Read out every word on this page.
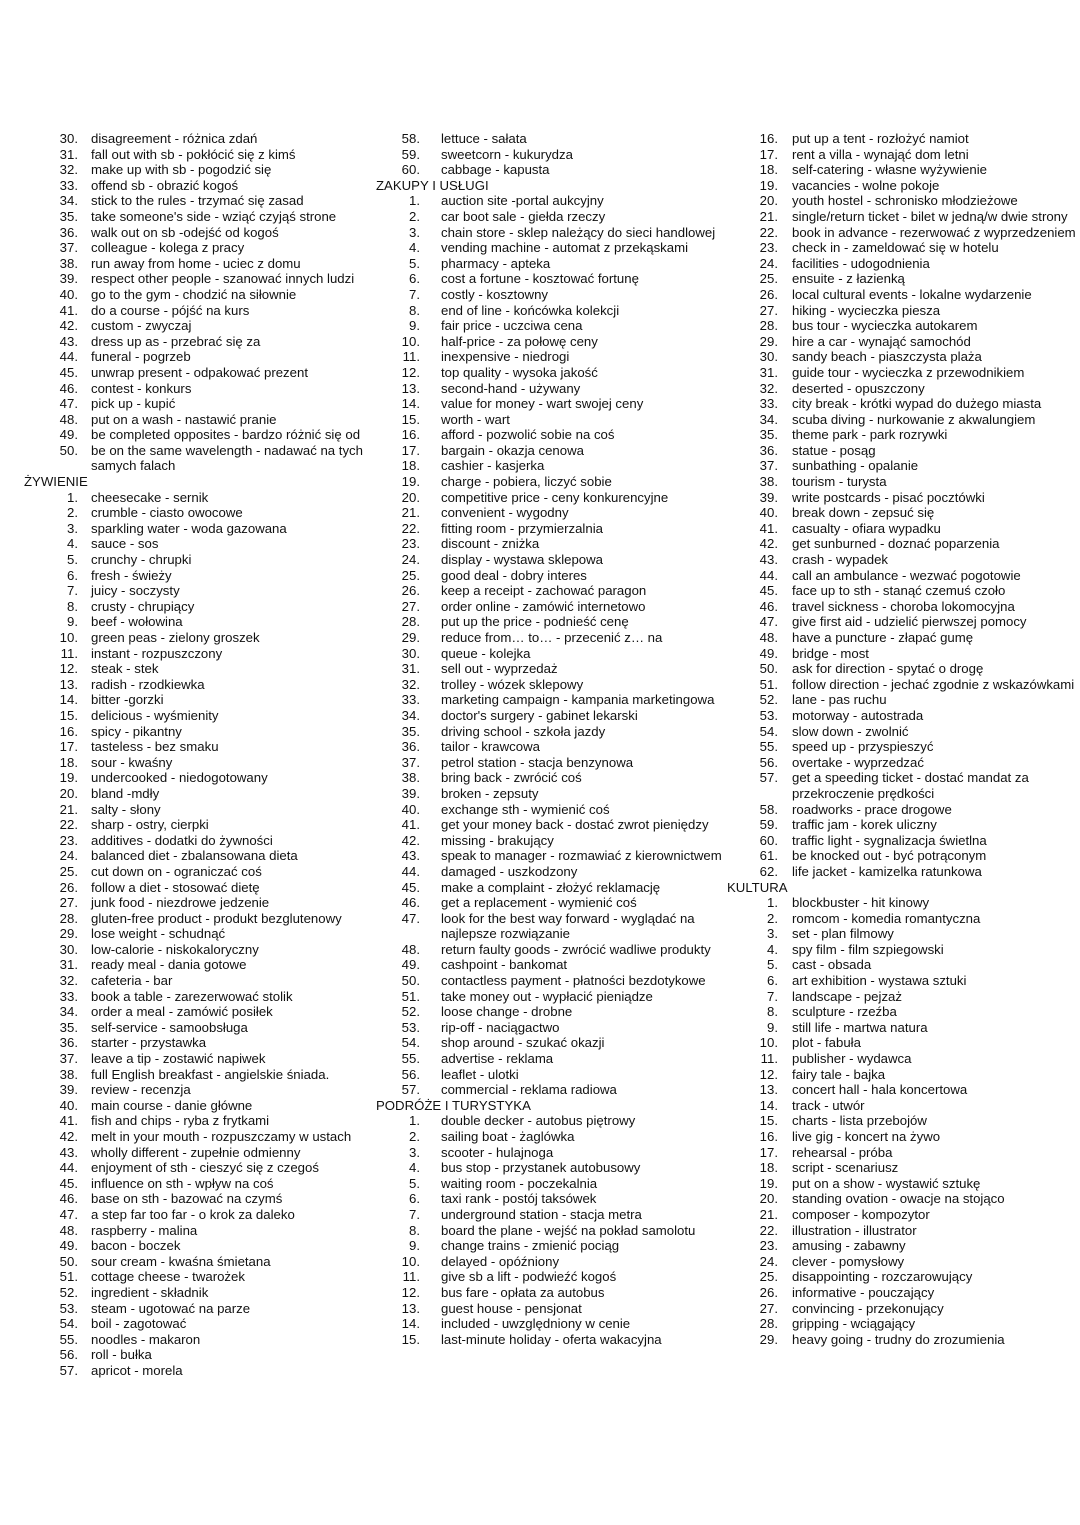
30. disagreement - różnica zdań
31. fall out with sb - pokłócić się z kimś
32. make up with sb - pogodzić się
33. offend sb - obrazić kogoś
34. stick to the rules - trzymać się zasad
35. take someone's side - wziąć czyjąś strone
36. walk out on sb -odejść od kogoś
37. colleague - kolega z pracy
38. run away from home - uciec z domu
39. respect other people - szanować innych ludzi
40. go to the gym - chodzić na siłownie
41. do a course - pójść na kurs
42. custom - zwyczaj
43. dress up as - przebrać się za
44. funeral - pogrzeb
45. unwrap present - odpakować prezent
46. contest - konkurs
47. pick up - kupić
48. put on a wash - nastawić pranie
49. be completed opposites - bardzo różnić się od
50. be on the same wavelength - nadawać na tych samych falach
ŻYWIENIE
1. cheesecake - sernik
2. crumble - ciasto owocowe
3. sparkling water - woda gazowana
4. sauce - sos
5. crunchy - chrupki
6. fresh - świeży
7. juicy - soczysty
8. crusty - chrupiący
9. beef - wołowina
10. green peas - zielony groszek
11. instant - rozpuszczony
12. steak - stek
13. radish - rzodkiewka
14. bitter -gorzki
15. delicious - wyśmienity
16. spicy - pikantny
17. tasteless - bez smaku
18. sour - kwaśny
19. undercooked - niedogotowany
20. bland -mdły
21. salty - słony
22. sharp - ostry, cierpki
23. additives - dodatki do żywności
24. balanced diet - zbalansowana dieta
25. cut down on - ograniczać coś
26. follow a diet - stosować dietę
27. junk food - niezdrowe jedzenie
28. gluten-free product - produkt bezglutenowy
29. lose weight - schudnąć
30. low-calorie - niskokaloryczny
31. ready meal - dania gotowe
32. cafeteria - bar
33. book a table - zarezerwować stolik
34. order a meal - zamówić posiłek
35. self-service - samoobsługa
36. starter - przystawka
37. leave a tip - zostawić napiwek
38. full English breakfast - angielskie śniada.
39. review - recenzja
40. main course - danie główne
41. fish and chips - ryba z frytkami
42. melt in your mouth - rozpuszczamy w ustach
43. wholly different - zupełnie odmienny
44. enjoyment of sth - cieszyć się z czegoś
45. influence on sth - wpływ na coś
46. base on sth - bazować na czymś
47. a step far too far - o krok za daleko
48. raspberry - malina
49. bacon - boczek
50. sour cream - kwaśna śmietana
51. cottage cheese - twarożek
52. ingredient - składnik
53. steam - ugotować na parze
54. boil - zagotować
55. noodles - makaron
56. roll - bułka
57. apricot - morela
58. lettuce - sałata
59. sweetcorn - kukurydza
60. cabbage - kapusta
ZAKUPY I USŁUGI
1. auction site -portal aukcyjny
2. car boot sale - giełda rzeczy
3. chain store - sklep należący do sieci handlowej
4. vending machine - automat z przekąskami
5. pharmacy - apteka
6. cost a fortune - kosztować fortunę
7. costly - kosztowny
8. end of line - końcówka kolekcji
9. fair price - uczciwa cena
10. half-price - za połowę ceny
11. inexpensive - niedrogi
12. top quality - wysoka jakość
13. second-hand - używany
14. value for money - wart swojej ceny
15. worth - wart
16. afford - pozwolić sobie na coś
17. bargain - okazja cenowa
18. cashier - kasjerka
19. charge - pobiera, liczyć sobie
20. competitive price - ceny konkurencyjne
21. convenient - wygodny
22. fitting room - przymierzalnia
23. discount - zniżka
24. display - wystawa sklepowa
25. good deal - dobry interes
26. keep a receipt - zachować paragon
27. order online - zamówić internetowo
28. put up the price - podnieść cenę
29. reduce from… to… - przecenić z… na
30. queue - kolejka
31. sell out - wyprzedaż
32. trolley - wózek sklepowy
33. marketing campaign - kampania marketingowa
34. doctor's surgery - gabinet lekarski
35. driving school - szkoła jazdy
36. tailor - krawcowa
37. petrol station - stacja benzynowa
38. bring back - zwrócić coś
39. broken - zepsuty
40. exchange sth - wymienić coś
41. get your money back - dostać zwrot pieniędzy
42. missing - brakujący
43. speak to manager - rozmawiać z kierownictwem
44. damaged - uszkodzony
45. make a complaint - złożyć reklamację
46. get a replacement - wymienić coś
47. look for the best way forward - wyglądać na najlepsze rozwiązanie
48. return faulty goods - zwrócić wadliwe produkty
49. cashpoint - bankomat
50. contactless payment - płatności bezdotykowe
51. take money out - wypłacić pieniądze
52. loose change - drobne
53. rip-off - naciągactwo
54. shop around - szukać okazji
55. advertise - reklama
56. leaflet - ulotki
57. commercial - reklama radiowa
PODRÓŻE I TURYSTYKA
1. double decker - autobus piętrowy
2. sailing boat - żaglówka
3. scooter - hulajnoga
4. bus stop - przystanek autobusowy
5. waiting room - poczekalnia
6. taxi rank - postój taksówek
7. underground station - stacja metra
8. board the plane - wejść na pokład samolotu
9. change trains - zmienić pociąg
10. delayed - opóźniony
11. give sb a lift - podwieźć kogoś
12. bus fare - opłata za autobus
13. guest house - pensjonat
14. included - uwzględniony w cenie
15. last-minute holiday - oferta wakacyjna
16. put up a tent - rozłożyć namiot
17. rent a villa - wynająć dom letni
18. self-catering - własne wyżywienie
19. vacancies - wolne pokoje
20. youth hostel - schronisko młodzieżowe
21. single/return ticket - bilet w jedną/w dwie strony
22. book in advance - rezerwować z wyprzedzeniem
23. check in - zameldować się w hotelu
24. facilities - udogodnienia
25. ensuite - z łazienką
26. local cultural events - lokalne wydarzenie
27. hiking - wycieczka piesza
28. bus tour - wycieczka autokarem
29. hire a car - wynająć samochód
30. sandy beach - piaszczysta plaża
31. guide tour - wycieczka z przewodnikiem
32. deserted - opuszczony
33. city break - krótki wypad do dużego miasta
34. scuba diving - nurkowanie z akwalungiem
35. theme park - park rozrywki
36. statue - posąg
37. sunbathing - opalanie
38. tourism - turysta
39. write postcards - pisać pocztówki
40. break down - zepsuć się
41. casualty - ofiara wypadku
42. get sunburned - doznać poparzenia
43. crash - wypadek
44. call an ambulance - wezwać pogotowie
45. face up to sth - stanąć czemuś czoło
46. travel sickness - choroba lokomocyjna
47. give first aid - udzielić pierwszej pomocy
48. have a puncture - złapać gumę
49. bridge - most
50. ask for direction - spytać o drogę
51. follow direction - jechać zgodnie z wskazówkami
52. lane - pas ruchu
53. motorway - autostrada
54. slow down - zwolnić
55. speed up - przyspieszyć
56. overtake - wyprzedzać
57. get a speeding ticket - dostać mandat za przekroczenie prędkości
58. roadworks - prace drogowe
59. traffic jam - korek uliczny
60. traffic light - sygnalizacja świetlna
61. be knocked out - być potrąconym
62. life jacket - kamizelka ratunkowa
KULTURA
1. blockbuster - hit kinowy
2. romcom - komedia romantyczna
3. set - plan filmowy
4. spy film - film szpiegowski
5. cast - obsada
6. art exhibition - wystawa sztuki
7. landscape - pejzaż
8. sculpture - rzeźba
9. still life - martwa natura
10. plot - fabuła
11. publisher - wydawca
12. fairy tale - bajka
13. concert hall - hala koncertowa
14. track - utwór
15. charts - lista przebojów
16. live gig - koncert na żywo
17. rehearsal - próba
18. script - scenariusz
19. put on a show - wystawić sztukę
20. standing ovation - owacje na stojąco
21. composer - kompozytor
22. illustration - illustrator
23. amusing - zabawny
24. clever - pomysłowy
25. disappointing - rozczarowujący
26. informative - pouczający
27. convincing - przekonujący
28. gripping - wciągający
29. heavy going - trudny do zrozumienia
